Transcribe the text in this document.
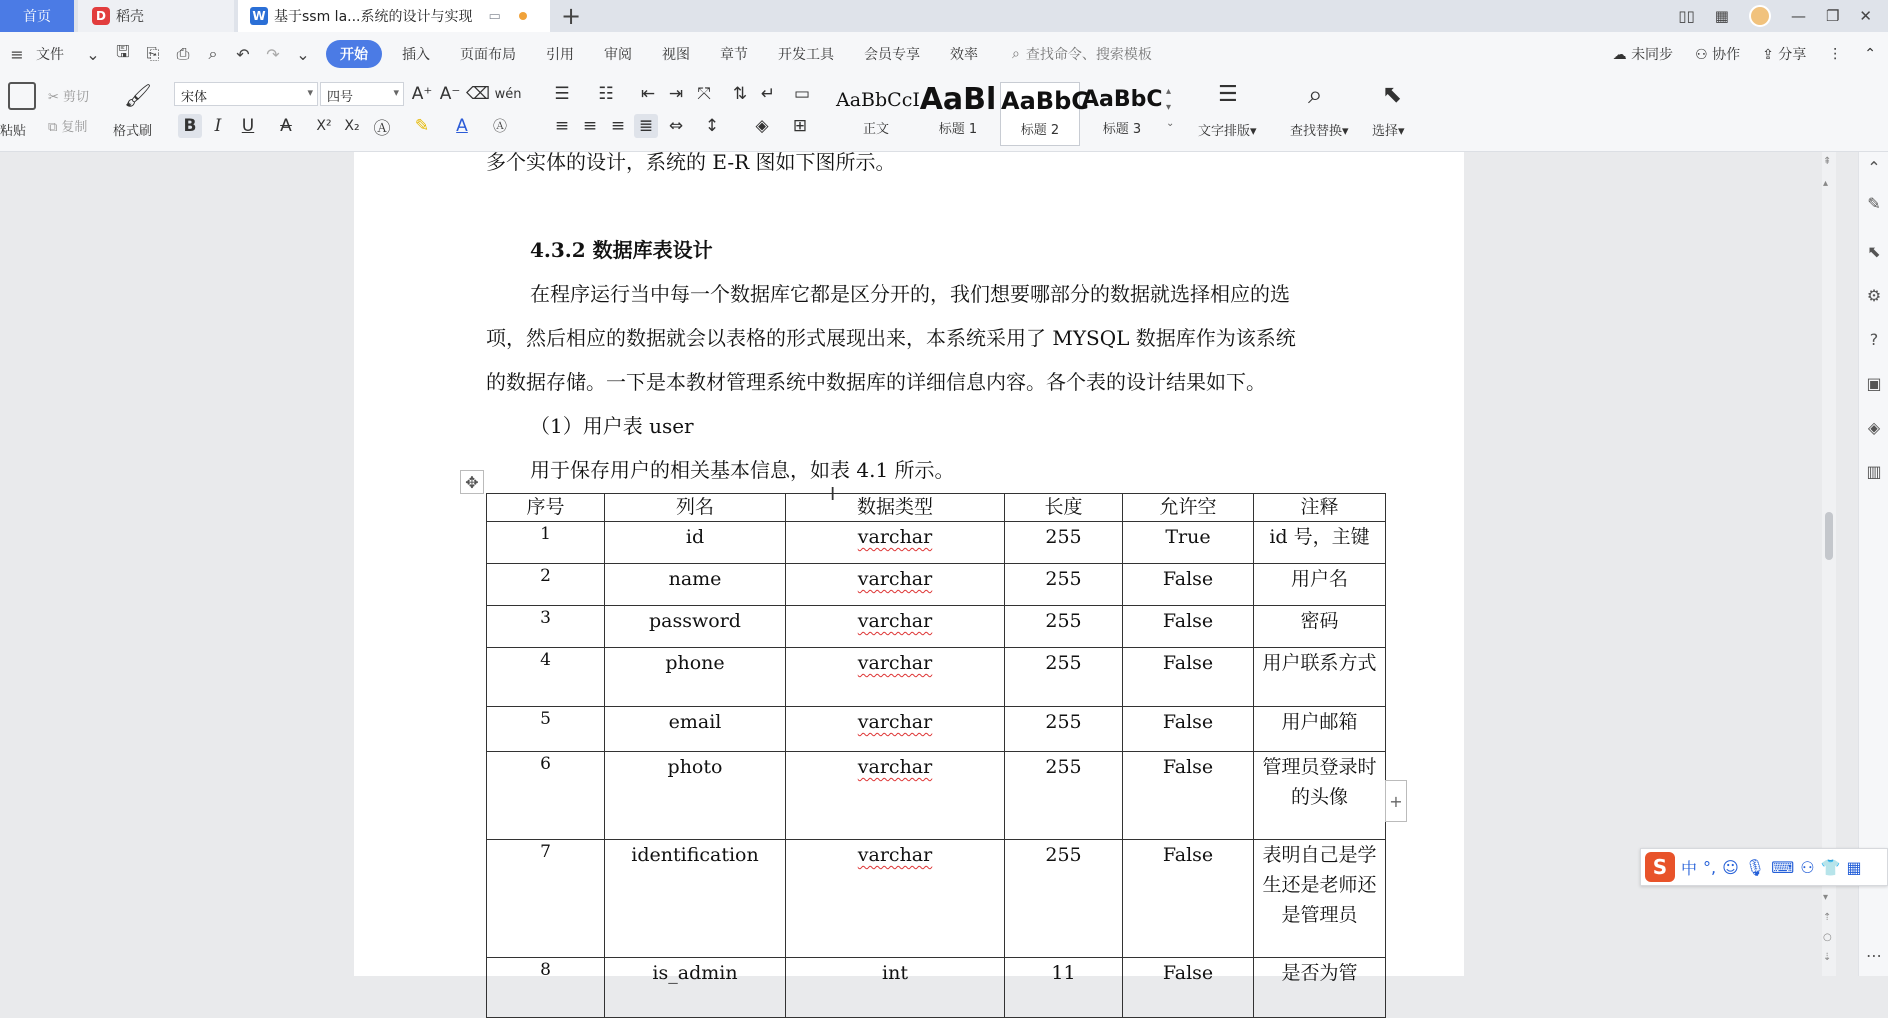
首页	D 稻壳	W 基于ssm la...系统的设计与实现 ▭	+	▯▯ ▦	— ❐ ✕
≡ 文件	⌄ 🖫 ⎘ ⎙	⌕	↶ ↷ ⌄	开始	插入	页面布局	引用	审阅	视图	章节	开发工具	会员专享	效率	⌕ 查找命令、搜索模板	☁ 未同步 ⚇ 协作 ⇪ 分享 ⋮ ⌃
粘贴
✂ 剪切
⧉ 复制
🖌
格式刷
宋体 ▾	四号 ▾	A⁺ A⁻ ⌫ wén
B	I	U	A	X² X₂ Ⓐ ✎	A	Ⓐ
☰ ☷ ⇤ ⇥ ⤧	⇅ ↵ ▭
≡ ≡ ≡ ≣ ⇔ ↕	◈	⊞
AaBbCcI
正文
AaBl
标题 1
AaBbC
标题 2
AaBbC
标题 3
▴
▾
⌄
☰
文字排版▾
⌕
查找替换▾
⬉
选择▾
多个实体的设计，系统的 E-R 图如下图所示。
4.3.2 数据库表设计
在程序运行当中每一个数据库它都是区分开的，我们想要哪部分的数据就选择相应的选
项，然后相应的数据就会以表格的形式展现出来，本系统采用了 MYSQL 数据库作为该系统
的数据存储。一下是本教材管理系统中数据库的详细信息内容。各个表的设计结果如下。
（1）用户表 user
用于保存用户的相关基本信息，如表 4.1 所示。
✥
I
序号	列名	数据类型	长度	允许空	注释
1	id	varchar	255	True	id 号，主键
2	name	varchar	255	False	用户名
3	password	varchar	255	False	密码
4	phone	varchar	255	False	用户联系方式
5	email	varchar	255	False	用户邮箱
6	photo	varchar	255	False	管理员登录时的头像
7	identification	varchar	255	False	表明自己是学生还是老师还是管理员
8	is_admin	int	11	False	是否为管
+
⇞
▴
▾
⇡
○
⇣
⌃
✎
⬉
⚙
?
▣
◈
▥
⋯
S 中 °, ☺ 🎙 ⌨ ⚇ 👕 ▦
